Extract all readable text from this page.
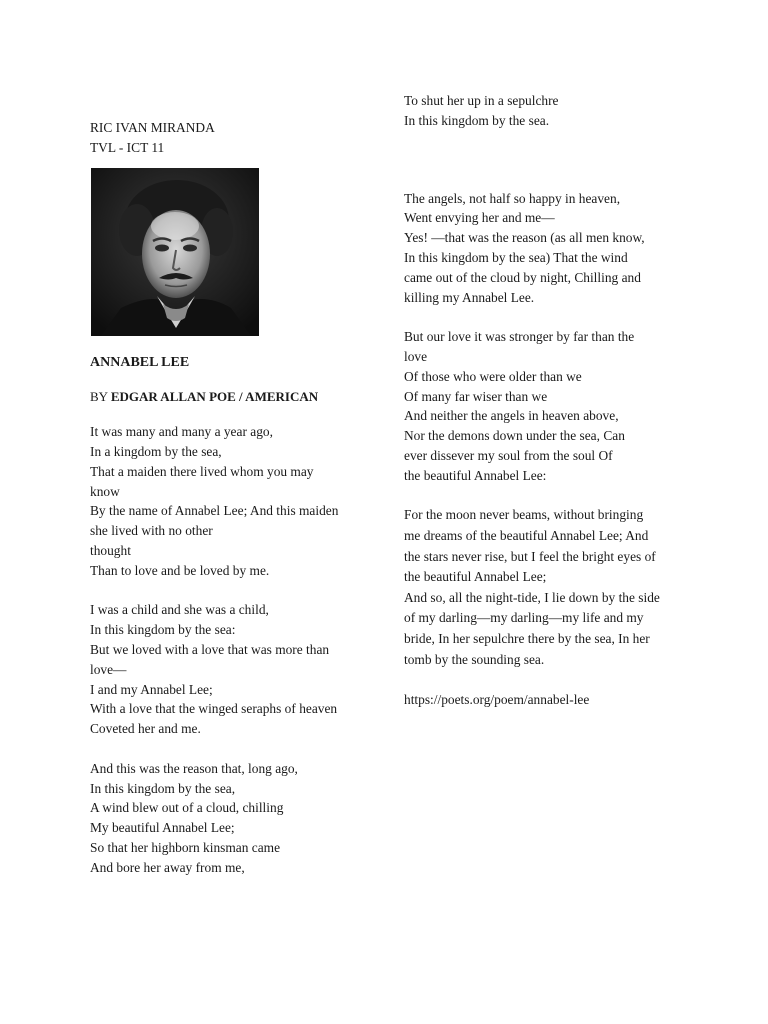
RIC IVAN MIRANDA
TVL - ICT 11
ANNABEL LEE
BY EDGAR ALLAN POE / AMERICAN
It was many and many a year ago,
In a kingdom by the sea,
That a maiden there lived whom you may
know
By the name of Annabel Lee; And this maiden
she lived with no other
thought
Than to love and be loved by me.
I was a child and she was a child,
In this kingdom by the sea:
But we loved with a love that was more than
love—
I and my Annabel Lee;
With a love that the winged seraphs of heaven
Coveted her and me.
And this was the reason that, long ago,
In this kingdom by the sea,
A wind blew out of a cloud, chilling
My beautiful Annabel Lee;
So that her highborn kinsman came
And bore her away from me,
To shut her up in a sepulchre
In this kingdom by the sea.
The angels, not half so happy in heaven,
Went envying her and me—
Yes! —that was the reason (as all men know,
In this kingdom by the sea) That the wind
came out of the cloud by night, Chilling and
killing my Annabel Lee.
But our love it was stronger by far than the
love
Of those who were older than we
Of many far wiser than we
And neither the angels in heaven above,
Nor the demons down under the sea, Can
ever dissever my soul from the soul Of
the beautiful Annabel Lee:
For the moon never beams, without bringing
me dreams of the beautiful Annabel Lee; And
the stars never rise, but I feel the bright eyes of
the beautiful Annabel Lee;
And so, all the night-tide, I lie down by the side
of my darling—my darling—my life and my
bride, In her sepulchre there by the sea, In her
tomb by the sounding sea.
https://poets.org/poem/annabel-lee
